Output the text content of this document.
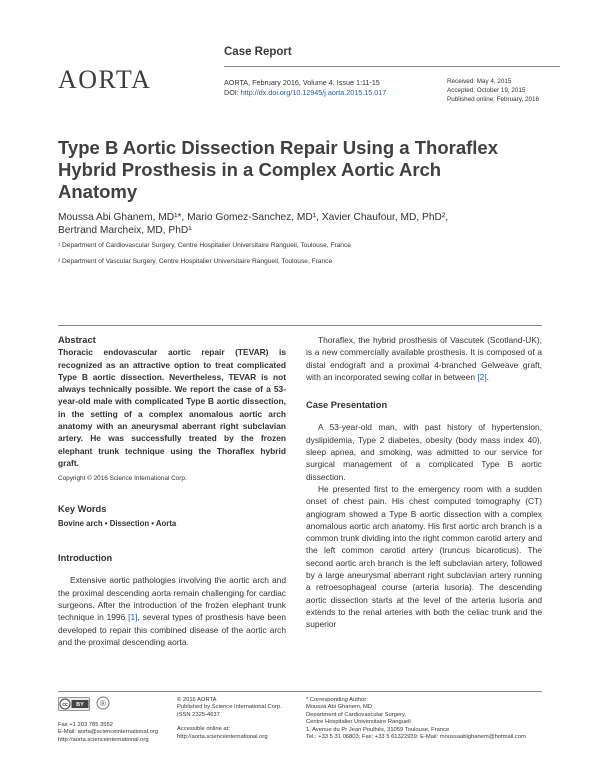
Case Report
AORTA	AORTA, February 2016, Volume 4, Issue 1:11-15
DOI: http://dx.doi.org/10.12945/j.aorta.2015.15.017
Received: May 4, 2015
Accepted: October 19, 2015
Published online: February, 2016
Type B Aortic Dissection Repair Using a Thoraflex Hybrid Prosthesis in a Complex Aortic Arch Anatomy
Moussa Abi Ghanem, MD¹*, Mario Gomez-Sanchez, MD¹, Xavier Chaufour, MD, PhD²,
Bertrand Marcheix, MD, PhD¹
¹ Department of Cardiovascular Surgery, Centre Hospitalier Universitaire Rangueil, Toulouse, France
² Department of Vascular Surgery, Centre Hospitalier Universitaire Rangueil, Toulouse, France
Abstract

Thoracic endovascular aortic repair (TEVAR) is recognized as an attractive option to treat complicated Type B aortic dissection. Nevertheless, TEVAR is not always technically possible. We report the case of a 53-year-old male with complicated Type B aortic dissection, in the setting of a complex anomalous aortic arch anatomy with an aneurysmal aberrant right subclavian artery. He was successfully treated by the frozen elephant trunk technique using the Thoraflex hybrid graft.

Copyright © 2016 Science International Corp.

Key Words

Bovine arch • Dissection • Aorta

Introduction

Extensive aortic pathologies involving the aortic arch and the proximal descending aorta remain challenging for cardiac surgeons. After the introduction of the frozen elephant trunk technique in 1996 [1], several types of prosthesis have been developed to repair this combined disease of the aortic arch and the proximal descending aorta.

Thoraflex, the hybrid prosthesis of Vascutek (Scotland-UK), is a new commercially available prosthesis. It is composed of a distal endograft and a proximal 4-branched Gelweave graft, with an incorporated sewing collar in between [2].

Case Presentation

A 53-year-old man, with past history of hypertension, dyslipidemia, Type 2 diabetes, obesity (body mass index 40), sleep apnea, and smoking, was admitted to our service for surgical management of a complicated Type B aortic dissection.

He presented first to the emergency room with a sudden onset of chest pain. His chest computed tomography (CT) angiogram showed a Type B aortic dissection with a complex anomalous aortic arch anatomy. His first aortic arch branch is a common trunk dividing into the right common carotid artery and the left common carotid artery (truncus bicaroticus). The second aortic arch branch is the left subclavian artery, followed by a large aneurysmal aberrant right subclavian artery running a retroesophageal course (arteria lusoria). The descending aortic dissection starts at the level of the arteria lusoria and extends to the renal arteries with both the celiac trunk and the superior

cc BY ®
Fax +1 203 785 3552
E-Mail: aorta@scienceinternational.org
http://aorta.scienceinternational.org
© 2016 AORTA
Published by Science International Corp.
ISSN 2325-4637
Accessible online at:
http://aorta.scienceinternational.org
* Corresponding Author:
Moussa Abi Ghanem, MD
Department of Cardiovascular Surgery,
Centre Hospitalier Universitaire Rangueil
1, Avenue du Pr Jean Poulhès, 31059 Toulouse, France
Tel.: +33 5 31 06803; Fax: +33 5 61322939; E-Mail: moussaabighanem@hotmail.com
